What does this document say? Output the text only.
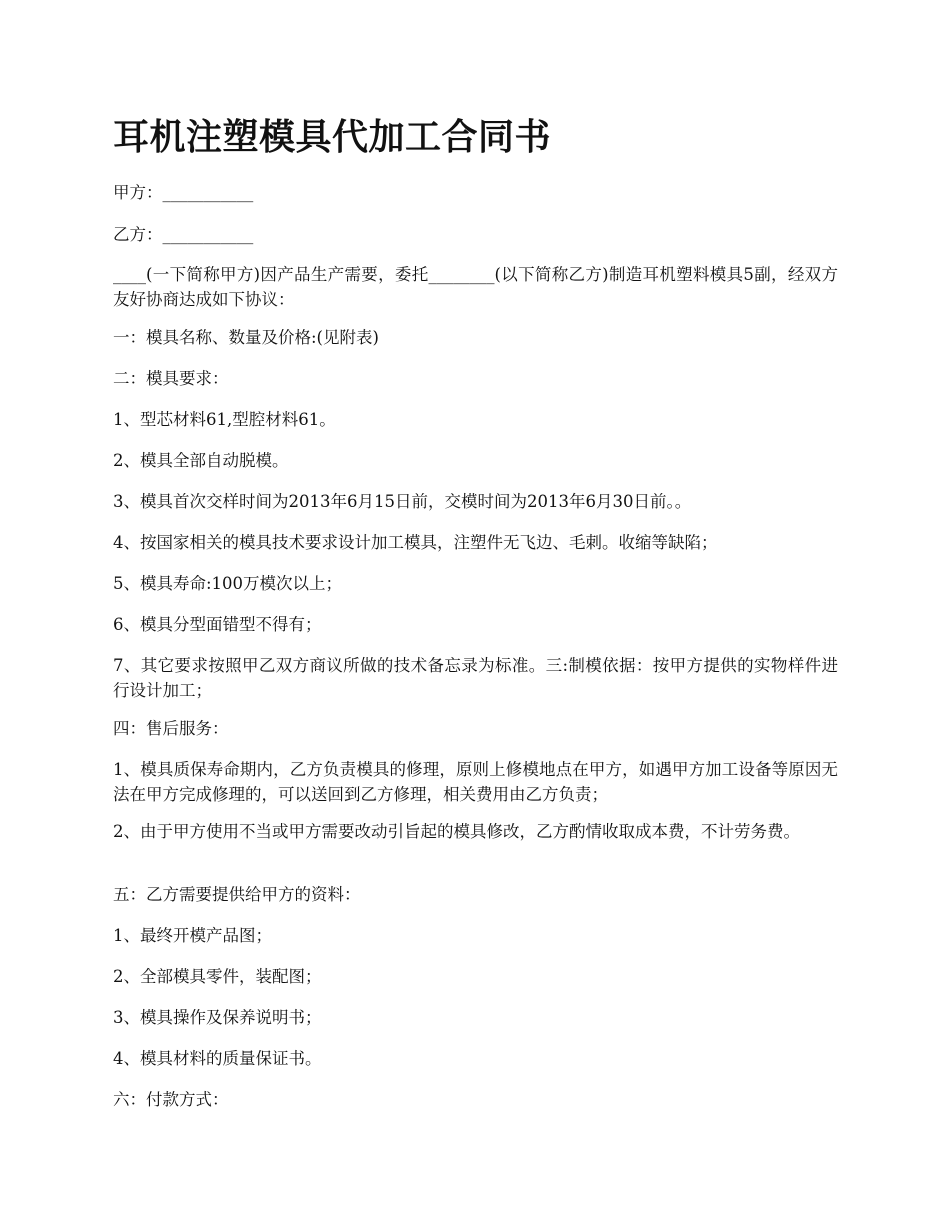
耳机注塑模具代加工合同书

甲方：___________

乙方：___________

____(一下简称甲方)因产品生产需要，委托________(以下简称乙方)制造耳机塑料模具5副，经双方友好协商达成如下协议：

一：模具名称、数量及价格:(见附表)

二：模具要求：

1、型芯材料61,型腔材料61。

2、模具全部自动脱模。

3、模具首次交样时间为2013年6月15日前，交模时间为2013年6月30日前。。

4、按国家相关的模具技术要求设计加工模具，注塑件无飞边、毛刺。收缩等缺陷；

5、模具寿命:100万模次以上；

6、模具分型面错型不得有；

7、其它要求按照甲乙双方商议所做的技术备忘录为标准。三:制模依据：按甲方提供的实物样件进行设计加工；

四：售后服务：

1、模具质保寿命期内，乙方负责模具的修理，原则上修模地点在甲方，如遇甲方加工设备等原因无法在甲方完成修理的，可以送回到乙方修理，相关费用由乙方负责；

2、由于甲方使用不当或甲方需要改动引旨起的模具修改，乙方酌情收取成本费，不计劳务费。

五：乙方需要提供给甲方的资料：

1、最终开模产品图；

2、全部模具零件，装配图；

3、模具操作及保养说明书；

4、模具材料的质量保证书。

六：付款方式：
